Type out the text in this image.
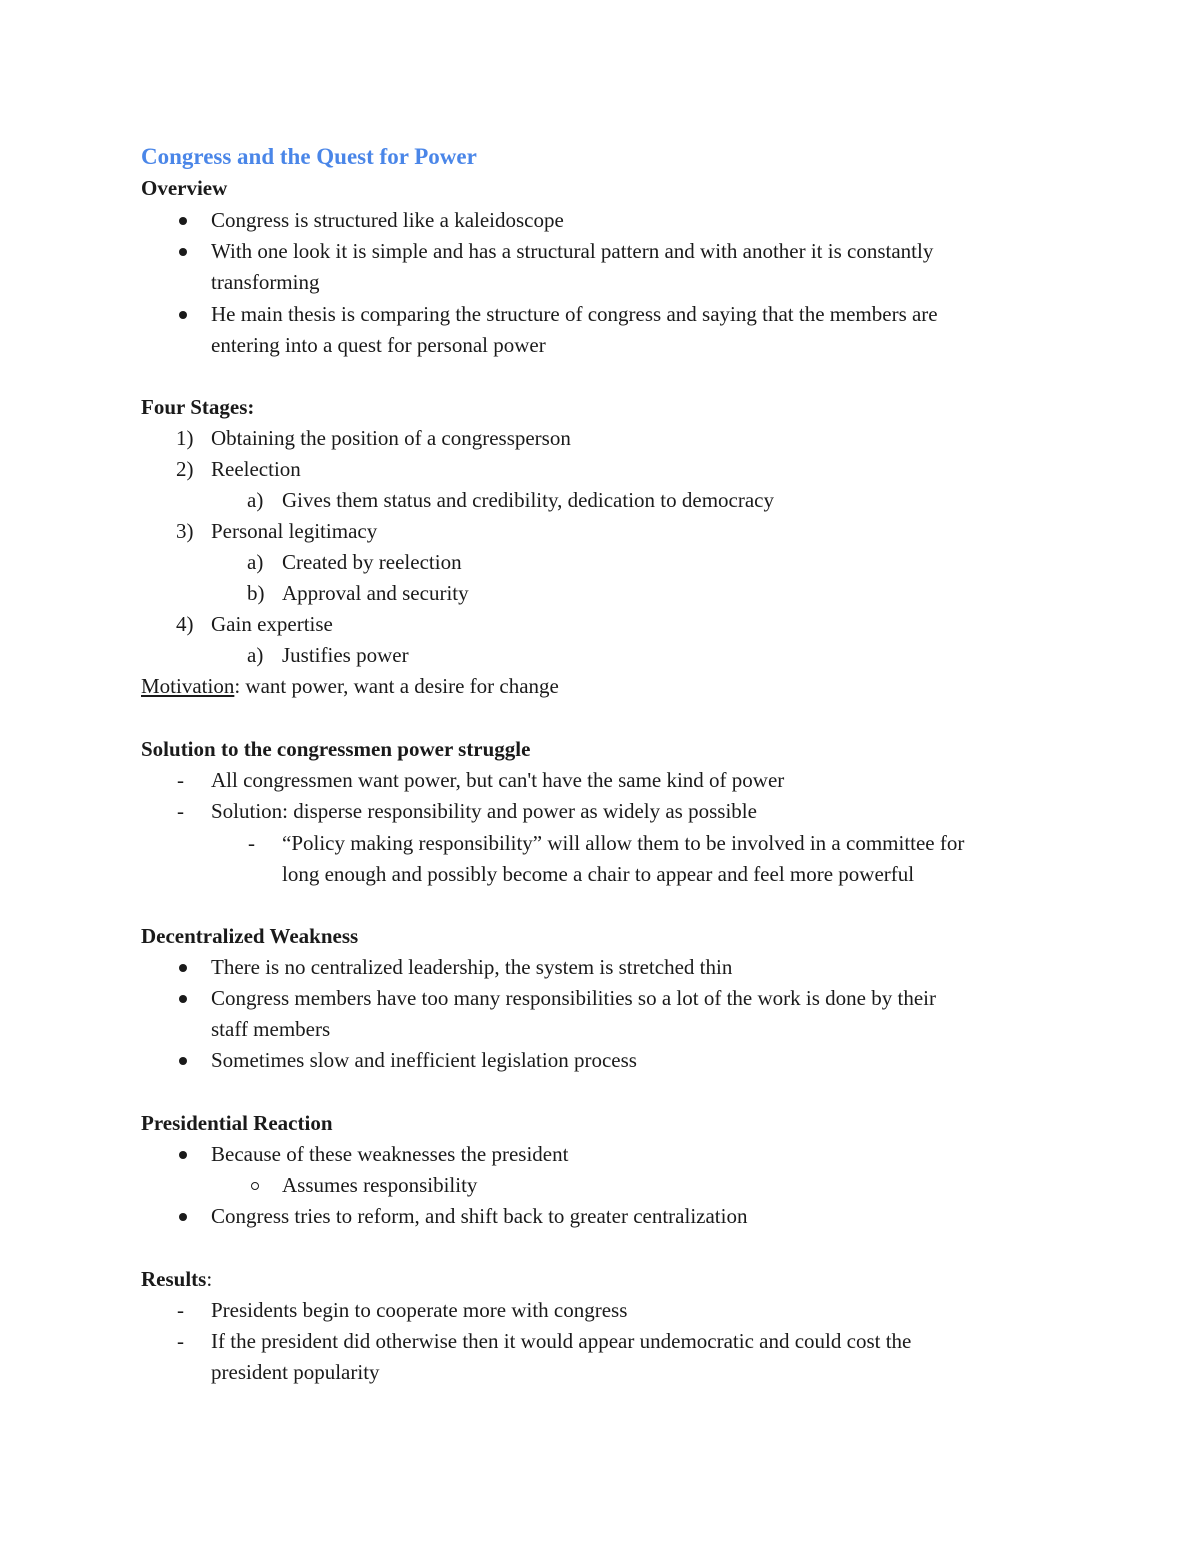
Congress and the Quest for Power
Overview
Congress is structured like a kaleidoscope
With one look it is simple and has a structural pattern and with another it is constantly
transforming
He main thesis is comparing the structure of congress and saying that the members are
entering into a quest for personal power
Four Stages:
1) Obtaining the position of a congressperson
2) Reelection
a) Gives them status and credibility, dedication to democracy
3) Personal legitimacy
a) Created by reelection
b) Approval and security
4) Gain expertise
a) Justifies power
Motivation: want power, want a desire for change
Solution to the congressmen power struggle
- All congressmen want power, but can't have the same kind of power
- Solution: disperse responsibility and power as widely as possible
- “Policy making responsibility” will allow them to be involved in a committee for
long enough and possibly become a chair to appear and feel more powerful
Decentralized Weakness
There is no centralized leadership, the system is stretched thin
Congress members have too many responsibilities so a lot of the work is done by their
staff members
Sometimes slow and inefficient legislation process
Presidential Reaction
Because of these weaknesses the president
Assumes responsibility
Congress tries to reform, and shift back to greater centralization
Results:
- Presidents begin to cooperate more with congress
- If the president did otherwise then it would appear undemocratic and could cost the
president popularity
